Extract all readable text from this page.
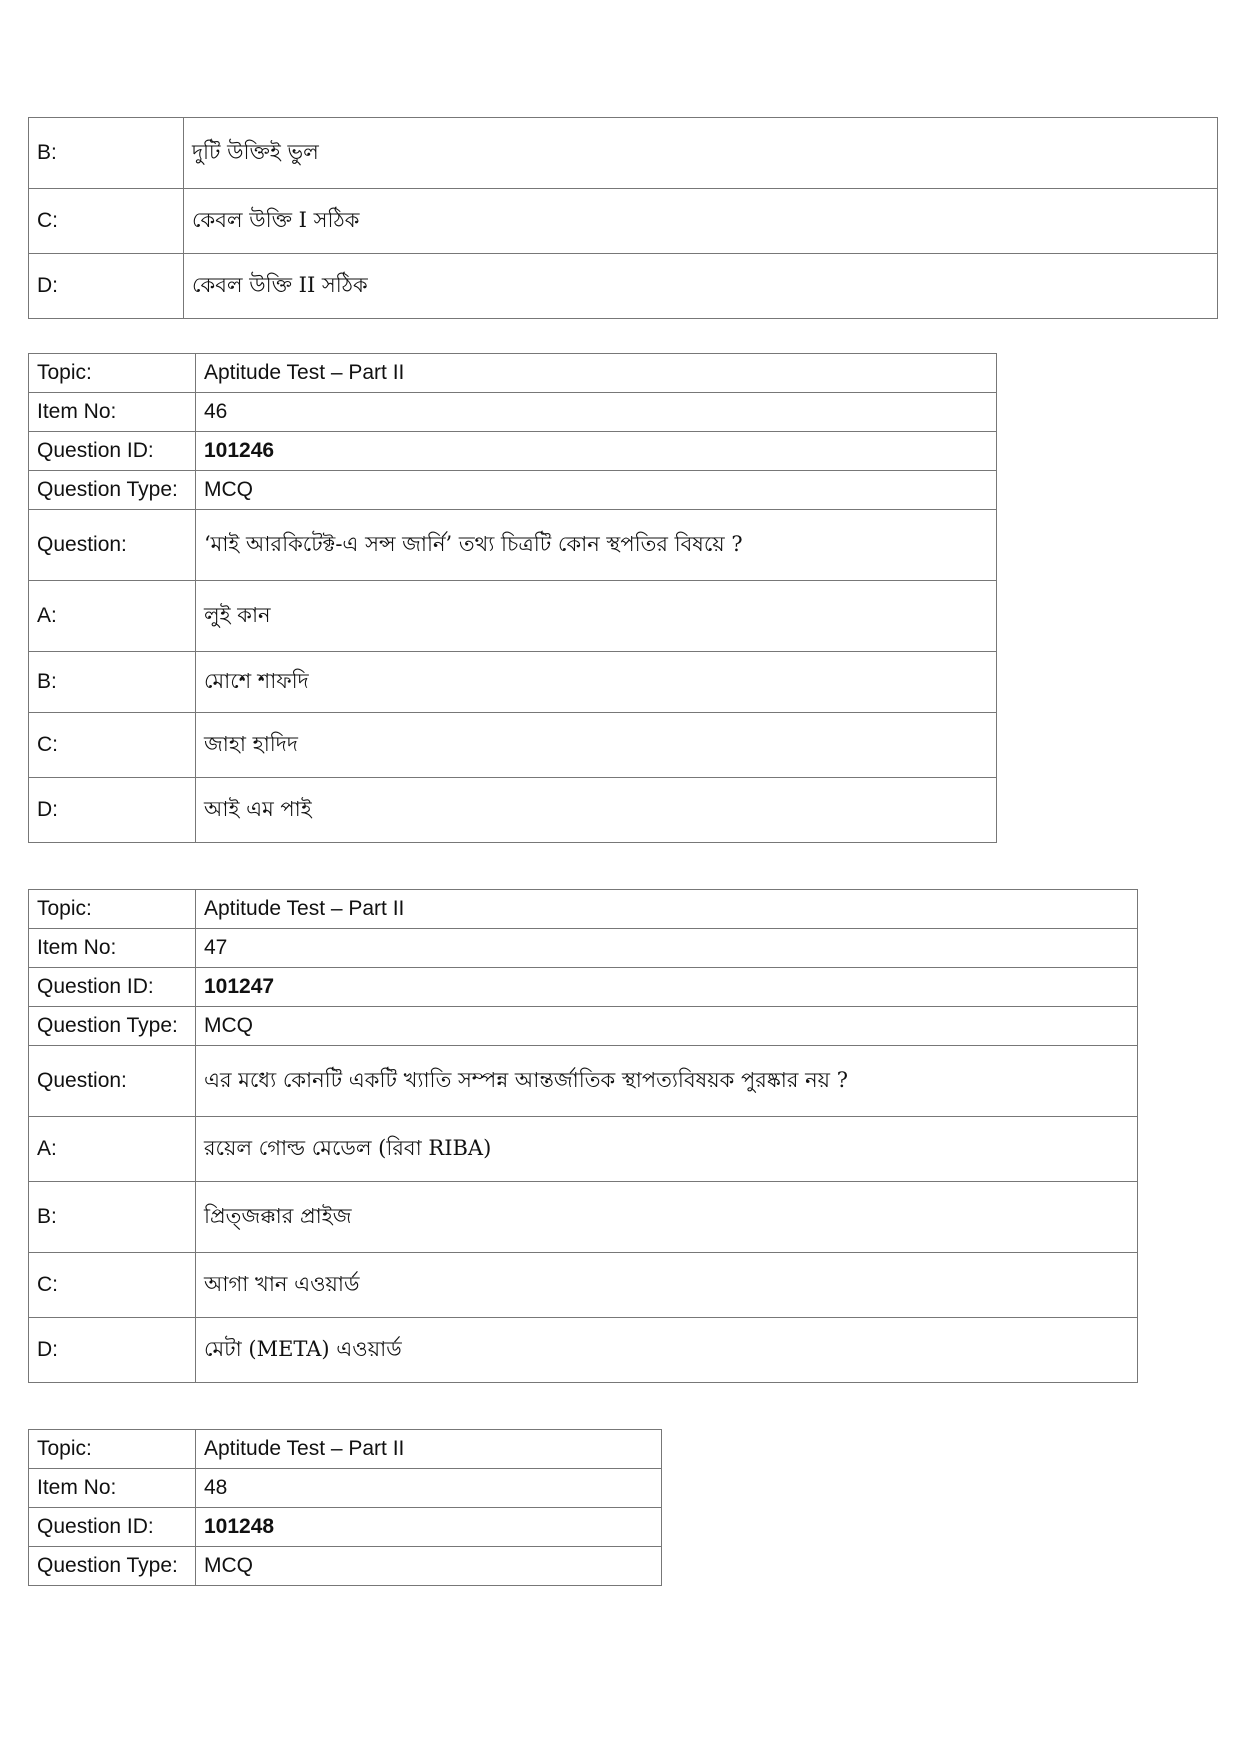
B:	দুটি উক্তিই ভুল
C:	কেবল উক্তি I সঠিক
D:	কেবল উক্তি II সঠিক
Topic:	Aptitude Test – Part II
Item No:	46
Question ID:	101246
Question Type:	MCQ
Question:	‘মাই আরকিটেক্ট-এ সন্স জার্নি’ তথ্য চিত্রটি কোন স্থপতির বিষয়ে ?
A:	লুই কান
B:	মোশে শাফদি
C:	জাহা হাদিদ
D:	আই এম পাই
Topic:	Aptitude Test – Part II
Item No:	47
Question ID:	101247
Question Type:	MCQ
Question:	এর মধ্যে কোনটি একটি খ্যাতি সম্পন্ন আন্তর্জাতিক স্থাপত্যবিষয়ক পুরষ্কার নয় ?
A:	রয়েল গোল্ড মেডেল (রিবা RIBA)
B:	প্রিত্জক্কার প্রাইজ
C:	আগা খান এওয়ার্ড
D:	মেটা (META) এওয়ার্ড
Topic:	Aptitude Test – Part II
Item No:	48
Question ID:	101248
Question Type:	MCQ
